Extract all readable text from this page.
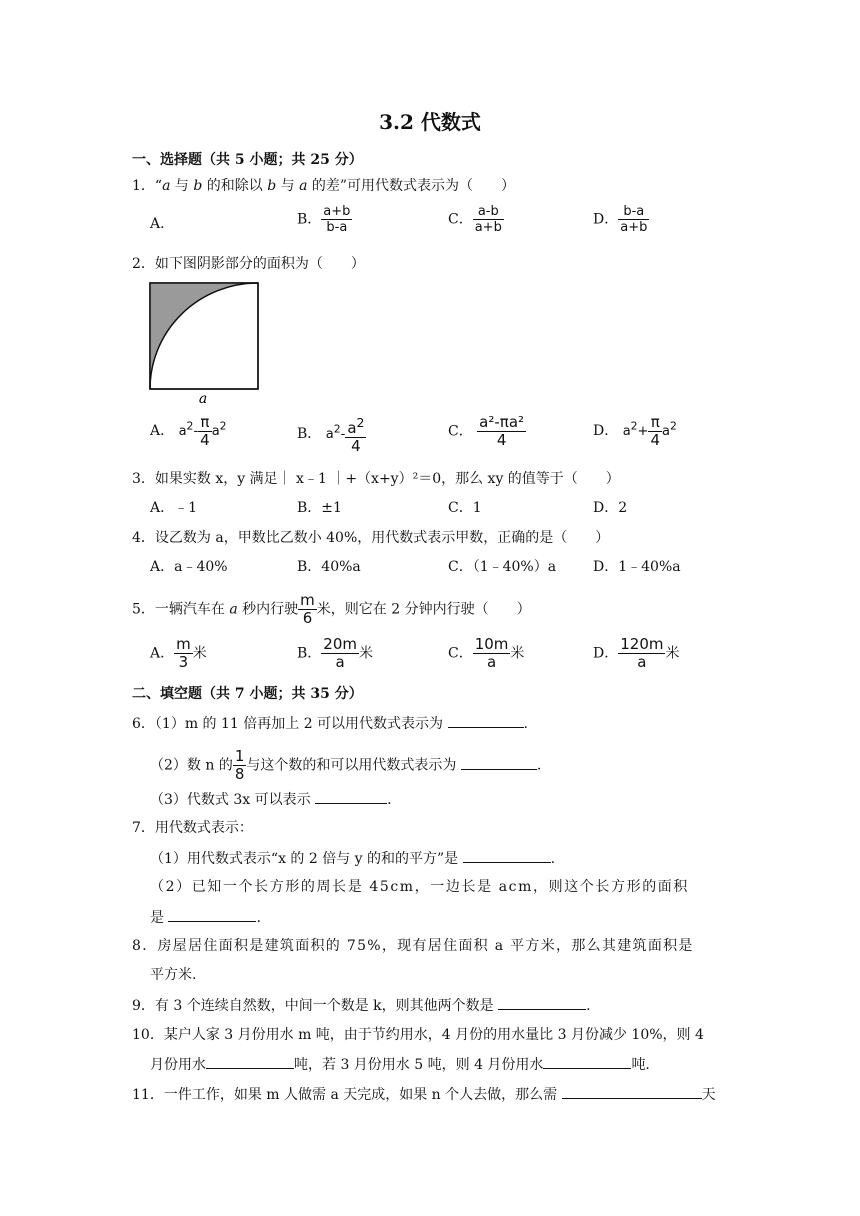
3.2 代数式
一、选择题（共 5 小题；共 25 分）
1．“a 与 b 的和除以 b 与 a 的差”可用代数式表示为（　　）
A．	B． $\frac{a+b}{b-a}$	C． $\frac{a-b}{a+b}$	D． $\frac{b-a}{a+b}$
2．如下图阴影部分的面积为（　　）
a
A． $a^2- \frac{\pi}{4} a^2$	B． $a^2- \frac{a^2}{4}$	C． $\frac{\text{a²-πa²}}{4}$	D． $a^2+ \frac{\pi}{4} a^2$
3．如果实数 x，y 满足｜ x﹣1 ｜+（x+y）²＝0，那么 xy 的值等于（　　）
A．﹣1	B．±1	C．1	D．2
4．设乙数为 a，甲数比乙数小 40%，用代数式表示甲数，正确的是（　　）
A．a﹣40%	B．40%a	C．（1﹣40%）a	D．1﹣40%a
5．一辆汽车在 a 秒内行驶 $\frac{m}{6}$ 米，则它在 2 分钟内行驶（　　）
A． $\frac{m}{3}$ 米	B． $\frac{20m}{a}$ 米	C． $\frac{10m}{a}$ 米	D． $\frac{120m}{a}$ 米
二、填空题（共 7 小题；共 35 分）
6．（1）m 的 11 倍再加上 2 可以用代数式表示为	.
（2）数 n 的 $\frac{1}{8}$ 与这个数的和可以用代数式表示为	.
（3）代数式 3x 可以表示	.
7．用代数式表示：
（1）用代数式表示“x 的 2 倍与 y 的和的平方”是	.
（2）已知一个长方形的周长是 45cm，一边长是 acm，则这个长方形的面积
是	.
8．房屋居住面积是建筑面积的 75%，现有居住面积 a 平方米，那么其建筑面积是
平方米.
9．有 3 个连续自然数，中间一个数是 k，则其他两个数是	.
10．某户人家 3 月份用水 m 吨，由于节约用水，4 月份的用水量比 3 月份减少 10%，则 4
月份用水	吨，若 3 月份用水 5 吨，则 4 月份用水	吨.
11．一件工作，如果 m 人做需 a 天完成，如果 n 个人去做，那么需	天
